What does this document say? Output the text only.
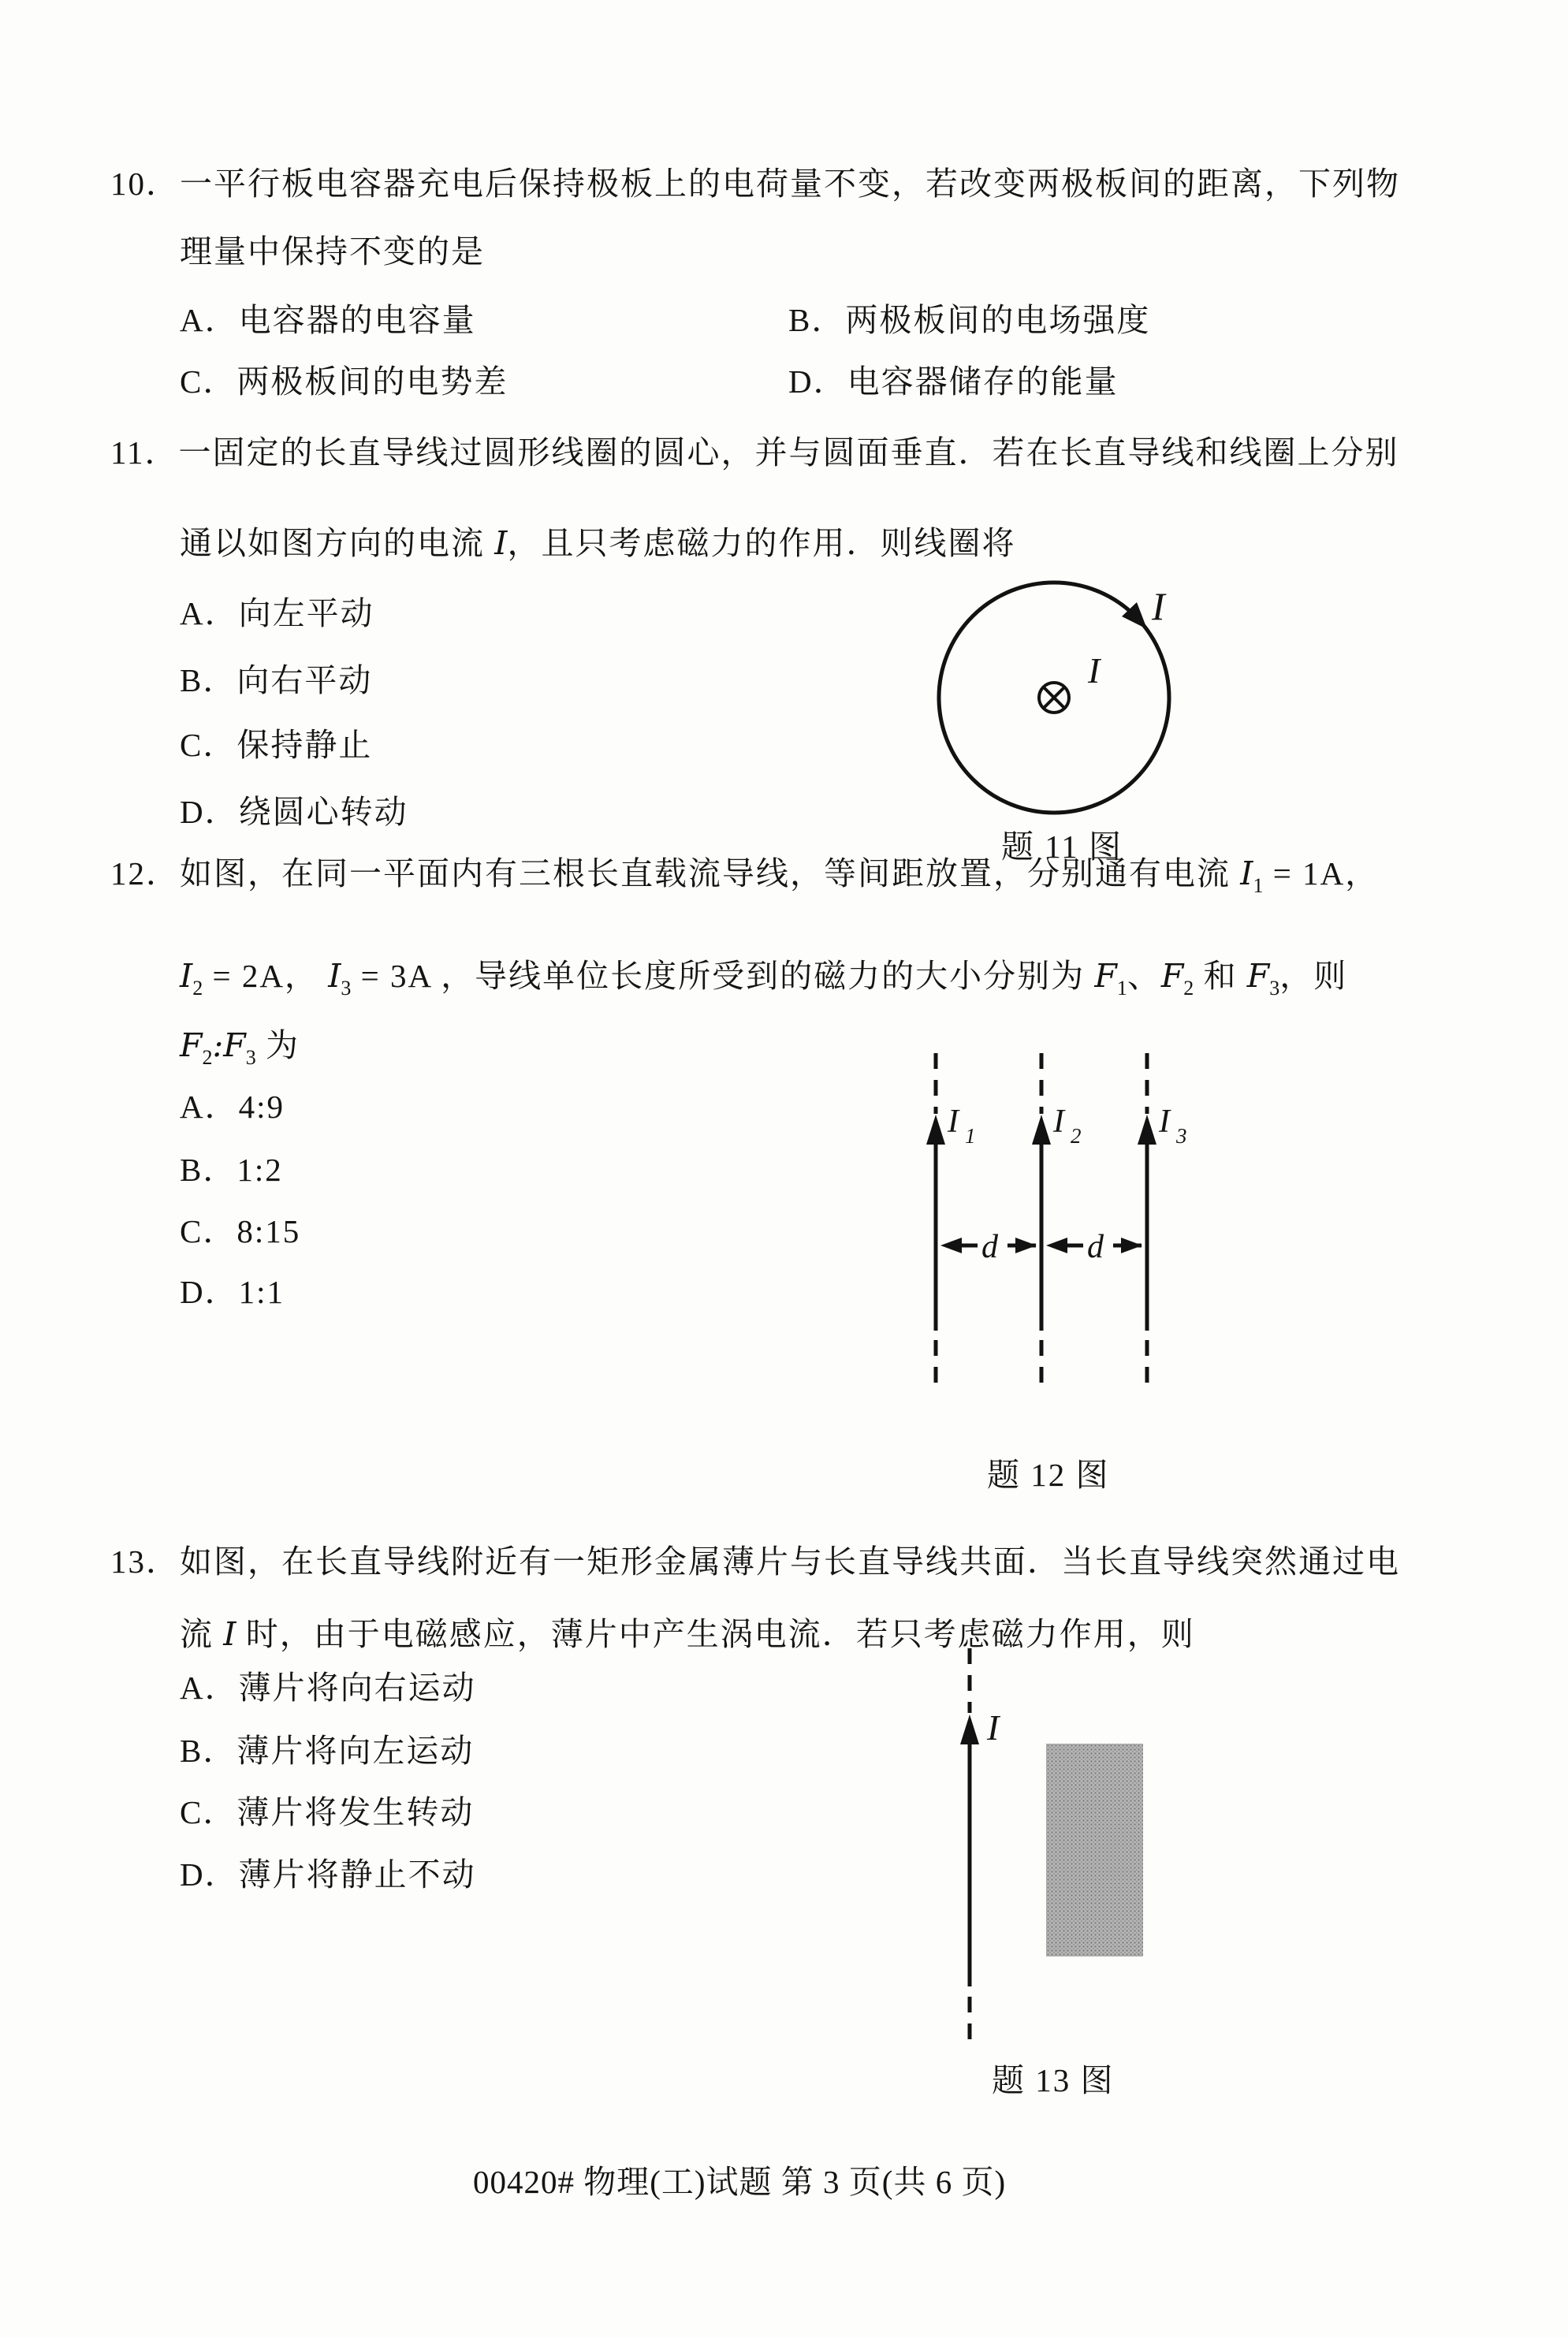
10．一平行板电容器充电后保持极板上的电荷量不变，若改变两极板间的距离，下列物
理量中保持不变的是
A．电容器的电容量	B．两极板间的电场强度
C．两极板间的电势差	D．电容器储存的能量
11．一固定的长直导线过圆形线圈的圆心，并与圆面垂直．若在长直导线和线圈上分别
通以如图方向的电流 I，且只考虑磁力的作用．则线圈将
A．向左平动
B．向右平动
C．保持静止
D．绕圆心转动
I
I
题 11 图
12．如图，在同一平面内有三根长直载流导线，等间距放置，分别通有电流 $I_1 = 1A$，
$I_2 = 2A$， $I_3 = 3A$ ，导线单位长度所受到的磁力的大小分别为 $F_1$、$F_2$ 和 $F_3$，则
$F_2:F_3$ 为
A．4:9
B．1:2
C．8:15
D．1:1
I 1 I 2 I 3
d	d
题 12 图
13．如图，在长直导线附近有一矩形金属薄片与长直导线共面．当长直导线突然通过电
流 I 时，由于电磁感应，薄片中产生涡电流．若只考虑磁力作用，则
A．薄片将向右运动
B．薄片将向左运动
C．薄片将发生转动
D．薄片将静止不动
I
题 13 图
00420# 物理(工)试题 第 3 页(共 6 页)
